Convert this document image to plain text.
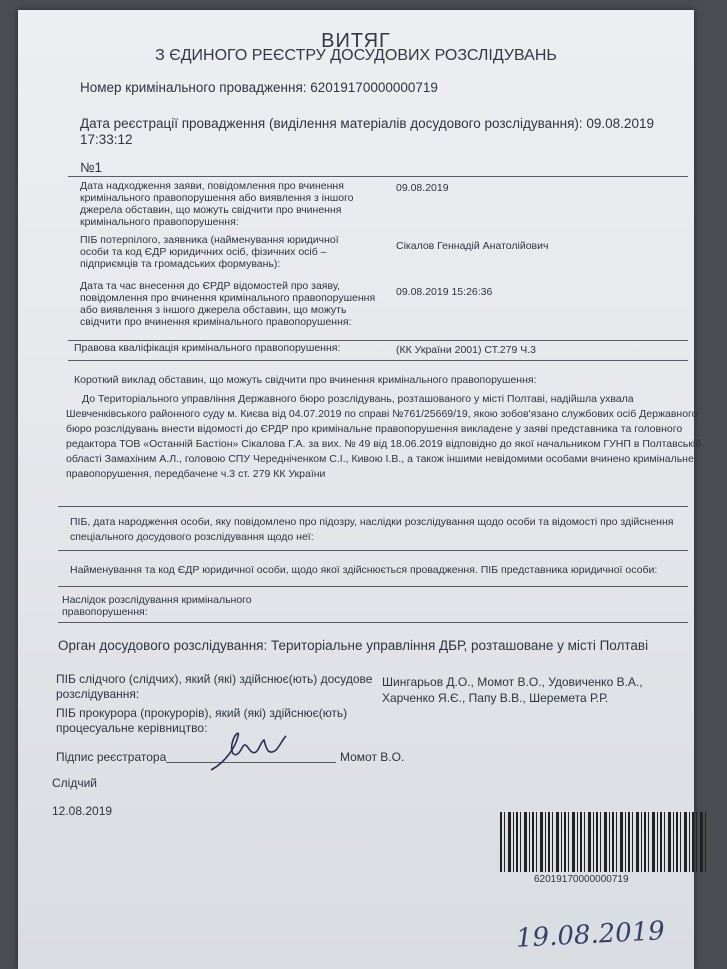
ВИТЯГ
З ЄДИНОГО РЕЄСТРУ ДОСУДОВИХ РОЗСЛІДУВАНЬ
Номер кримінального провадження: 62019170000000719
Дата реєстрації провадження (виділення матеріалів досудового розслідування): 09.08.2019
17:33:12
№1
Дата надходження заяви, повідомлення про вчинення кримінального правопорушення або виявлення з іншого джерела обставин, що можуть свідчити про вчинення кримінального правопорушення:
09.08.2019
ПІБ потерпілого, заявника (найменування юридичної особи та код ЄДР юридичних осіб, фізичних осіб – підприємців та громадських формувань):
Сікалов Геннадій Анатолійович
Дата та час внесення до ЄРДР відомостей про заяву, повідомлення про вчинення кримінального правопорушення або виявлення з іншого джерела обставин, що можуть свідчити про вчинення кримінального правопорушення:
09.08.2019 15:26:36
Правова кваліфікація кримінального правопорушення:	(КК України 2001) СТ.279 Ч.3
Короткий виклад обставин, що можуть свідчити про вчинення кримінального правопорушення:
До Територіального управління Державного бюро розслідувань, розташованого у місті Полтаві, надійшла ухвала Шевченківського районного суду м. Києва від 04.07.2019 по справі №761/25669/19, якою зобов'язано службових осіб Державного бюро розслідувань внести відомості до ЄРДР про кримінальне правопорушення викладене у заяві представника та головного редактора ТОВ «Останній Бастіон» Сікалова Г.А. за вих. № 49 від 18.06.2019 відповідно до якої начальником ГУНП в Полтавській області Замахіним А.Л., головою СПУ Чередніченком С.І., Кивою І.В., а також іншими невідомими особами вчинено кримінальне правопорушення, передбачене ч.3 ст. 279 КК України
ПІБ, дата народження особи, яку повідомлено про підозру, наслідки розслідування щодо особи та відомості про здійснення спеціального досудового розслідування щодо неї:
Найменування та код ЄДР юридичної особи, щодо якої здійснюється провадження. ПІБ представника юридичної особи:
Наслідок розслідування кримінального правопорушення:
Орган досудового розслідування: Територіальне управління ДБР, розташоване у місті Полтаві
ПІБ слідчого (слідчих), який (які) здійснює(ють) досудове розслідування:
Шингарьов Д.О., Момот В.О., Удовиченко В.А., Харченко Я.Є., Папу В.В., Шеремета Р.Р.
ПІБ прокурора (прокурорів), який (які) здійснює(ють) процесуальне керівництво:
Підпис реєстратора	Момот В.О.
Слідчий
12.08.2019
62019170000000719
19.08.2019
